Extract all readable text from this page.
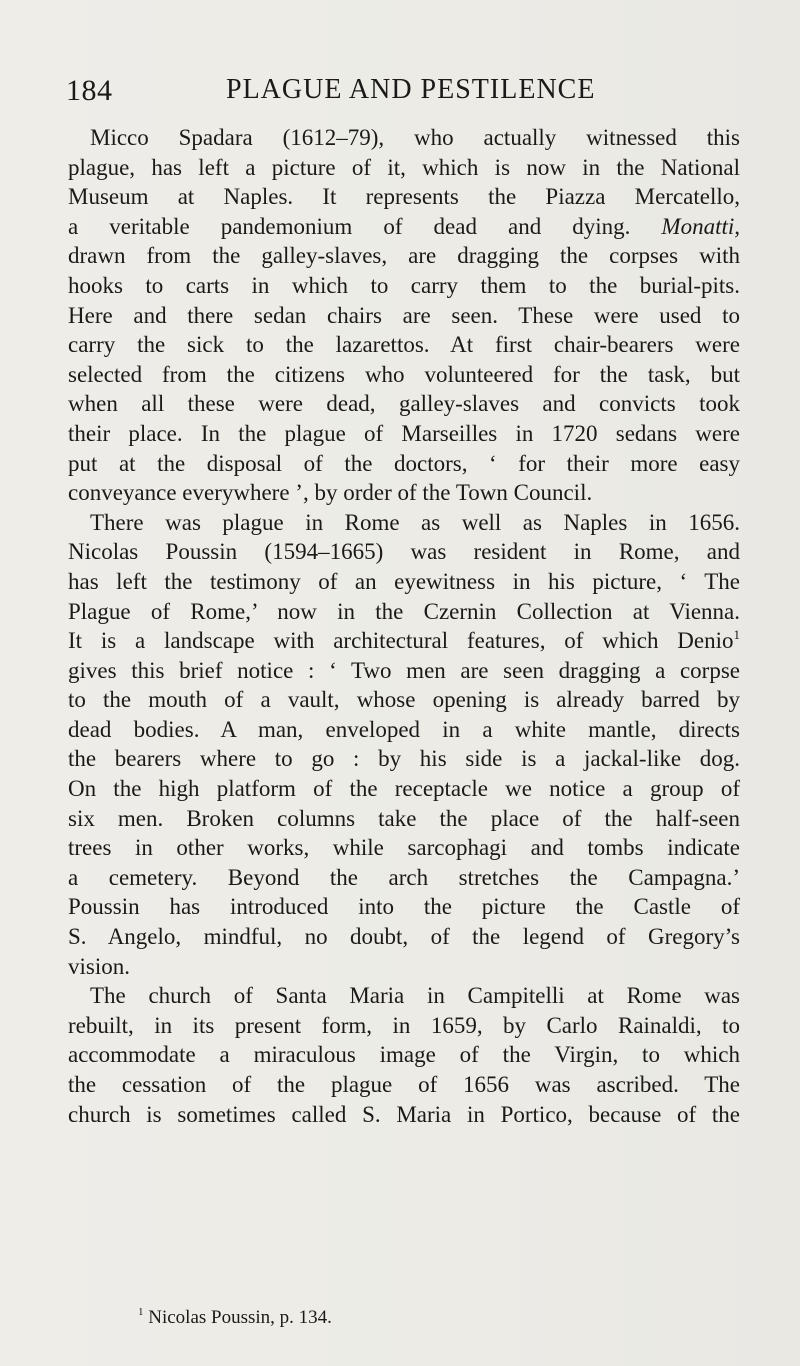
184	PLAGUE AND PESTILENCE
Micco Spadara (1612–79), who actually witnessed this
plague, has left a picture of it, which is now in the National
Museum at Naples. It represents the Piazza Mercatello,
a veritable pandemonium of dead and dying. Monatti,
drawn from the galley-slaves, are dragging the corpses with
hooks to carts in which to carry them to the burial-pits.
Here and there sedan chairs are seen. These were used to
carry the sick to the lazarettos. At first chair-bearers were
selected from the citizens who volunteered for the task, but
when all these were dead, galley-slaves and convicts took
their place. In the plague of Marseilles in 1720 sedans were
put at the disposal of the doctors, ‘ for their more easy
conveyance everywhere ’, by order of the Town Council.
There was plague in Rome as well as Naples in 1656.
Nicolas Poussin (1594–1665) was resident in Rome, and
has left the testimony of an eyewitness in his picture, ‘ The
Plague of Rome,’ now in the Czernin Collection at Vienna.
It is a landscape with architectural features, of which Denio$^1$
gives this brief notice : ‘ Two men are seen dragging a corpse
to the mouth of a vault, whose opening is already barred by
dead bodies. A man, enveloped in a white mantle, directs
the bearers where to go : by his side is a jackal-like dog.
On the high platform of the receptacle we notice a group of
six men. Broken columns take the place of the half-seen
trees in other works, while sarcophagi and tombs indicate
a cemetery. Beyond the arch stretches the Campagna.’
Poussin has introduced into the picture the Castle of
S. Angelo, mindful, no doubt, of the legend of Gregory’s
vision.
The church of Santa Maria in Campitelli at Rome was
rebuilt, in its present form, in 1659, by Carlo Rainaldi, to
accommodate a miraculous image of the Virgin, to which
the cessation of the plague of 1656 was ascribed. The
church is sometimes called S. Maria in Portico, because of the
$^1$ Nicolas Poussin, p. 134.
